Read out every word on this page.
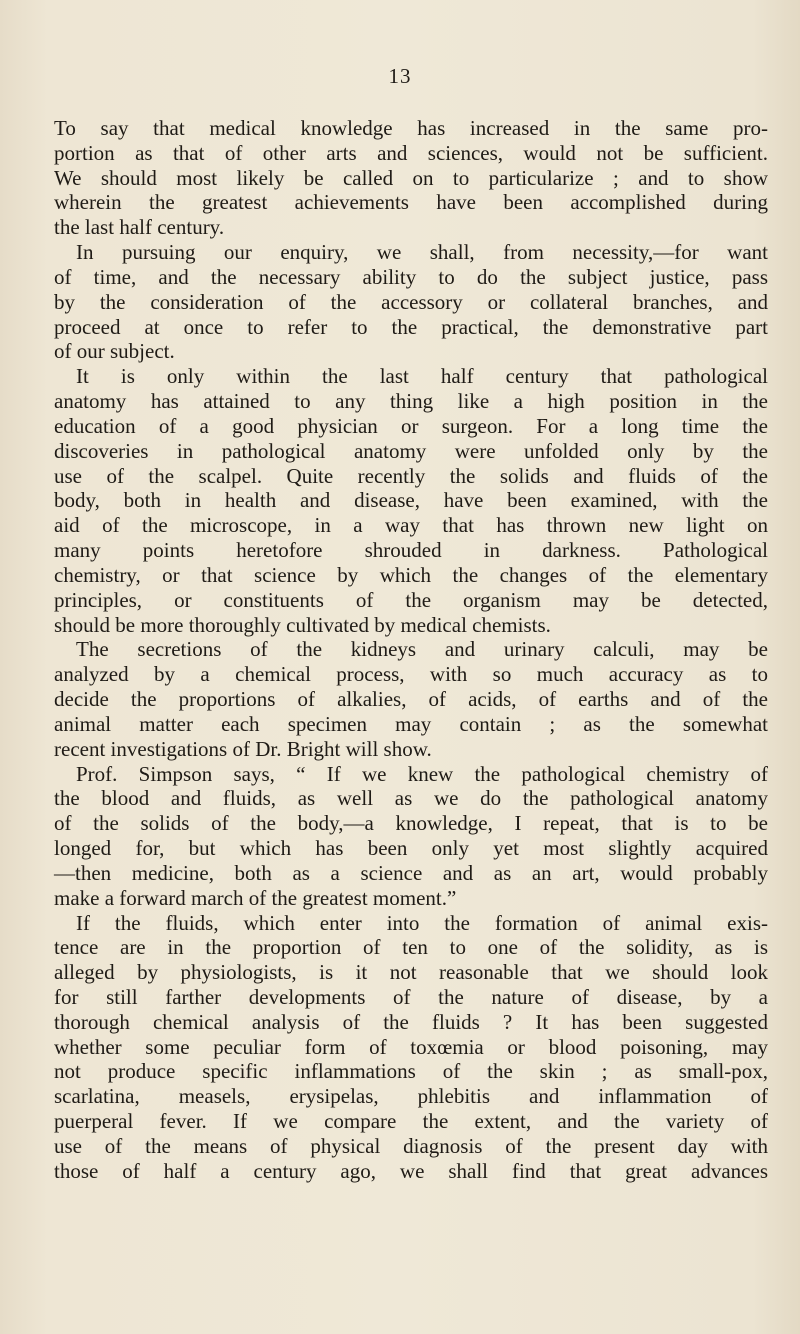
13
To say that medical knowledge has increased in the same pro-
portion as that of other arts and sciences, would not be sufficient.
We should most likely be called on to particularize ; and to show
wherein the greatest achievements have been accomplished during
the last half century.
In pursuing our enquiry, we shall, from necessity,—for want
of time, and the necessary ability to do the subject justice, pass
by the consideration of the accessory or collateral branches, and
proceed at once to refer to the practical, the demonstrative part
of our subject.
It is only within the last half century that pathological
anatomy has attained to any thing like a high position in the
education of a good physician or surgeon. For a long time the
discoveries in pathological anatomy were unfolded only by the
use of the scalpel. Quite recently the solids and fluids of the
body, both in health and disease, have been examined, with the
aid of the microscope, in a way that has thrown new light on
many points heretofore shrouded in darkness. Pathological
chemistry, or that science by which the changes of the elementary
principles, or constituents of the organism may be detected,
should be more thoroughly cultivated by medical chemists.
The secretions of the kidneys and urinary calculi, may be
analyzed by a chemical process, with so much accuracy as to
decide the proportions of alkalies, of acids, of earths and of the
animal matter each specimen may contain ; as the somewhat
recent investigations of Dr. Bright will show.
Prof. Simpson says, “ If we knew the pathological chemistry of
the blood and fluids, as well as we do the pathological anatomy
of the solids of the body,—a knowledge, I repeat, that is to be
longed for, but which has been only yet most slightly acquired
—then medicine, both as a science and as an art, would probably
make a forward march of the greatest moment.”
If the fluids, which enter into the formation of animal exis-
tence are in the proportion of ten to one of the solidity, as is
alleged by physiologists, is it not reasonable that we should look
for still farther developments of the nature of disease, by a
thorough chemical analysis of the fluids ? It has been suggested
whether some peculiar form of toxœmia or blood poisoning, may
not produce specific inflammations of the skin ; as small-pox,
scarlatina, measels, erysipelas, phlebitis and inflammation of
puerperal fever. If we compare the extent, and the variety of
use of the means of physical diagnosis of the present day with
those of half a century ago, we shall find that great advances
